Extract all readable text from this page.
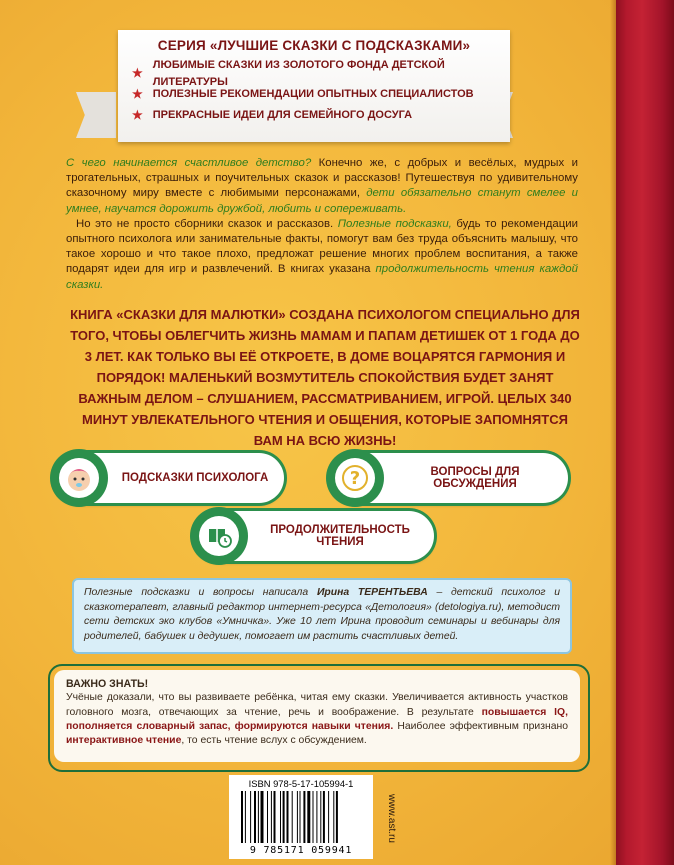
СЕРИЯ «ЛУЧШИЕ СКАЗКИ С ПОДСКАЗКАМИ»
★
ЛЮБИМЫЕ СКАЗКИ ИЗ ЗОЛОТОГО ФОНДА ДЕТСКОЙ ЛИТЕРАТУРЫ
★ ПОЛЕЗНЫЕ РЕКОМЕНДАЦИИ ОПЫТНЫХ СПЕЦИАЛИСТОВ
★ ПРЕКРАСНЫЕ ИДЕИ ДЛЯ СЕМЕЙНОГО ДОСУГА

С чего начинается счастливое детство? Конечно же, с добрых и весёлых, мудрых и трогательных, страшных и поучительных сказок и рассказов! Путешествуя по удивительному сказочному миру вместе с любимыми персонажами, дети обязательно станут смелее и умнее, научатся дорожить дружбой, любить и сопереживать.

Но это не просто сборники сказок и рассказов. Полезные подсказки, будь то рекомендации опытного психолога или занимательные факты, помогут вам без труда объяснить малышу, что такое хорошо и что такое плохо, предложат решение многих проблем воспитания, а также подарят идеи для игр и развлечений. В книгах указана продолжительность чтения каждой сказки.

КНИГА «СКАЗКИ ДЛЯ МАЛЮТКИ» СОЗДАНА ПСИХОЛОГОМ СПЕЦИАЛЬНО ДЛЯ ТОГО, ЧТОБЫ ОБЛЕГЧИТЬ ЖИЗНЬ МАМАМ И ПАПАМ ДЕТИШЕК ОТ 1 ГОДА ДО 3 ЛЕТ. КАК ТОЛЬКО ВЫ ЕЁ ОТКРОЕТЕ, В ДОМЕ ВОЦАРЯТСЯ ГАРМОНИЯ И ПОРЯДОК! МАЛЕНЬКИЙ ВОЗМУТИТЕЛЬ СПОКОЙСТВИЯ БУДЕТ ЗАНЯТ ВАЖНЫМ ДЕЛОМ – СЛУШАНИЕМ, РАССМАТРИВАНИЕМ, ИГРОЙ. ЦЕЛЫХ 340 МИНУТ УВЛЕКАТЕЛЬНОГО ЧТЕНИЯ И ОБЩЕНИЯ, КОТОРЫЕ ЗАПОМНЯТСЯ ВАМ НА ВСЮ ЖИЗНЬ!
ПОДСКАЗКИ ПСИХОЛОГА	?	ВОПРОСЫ ДЛЯ ОБСУЖДЕНИЯ
ПРОДОЛЖИТЕЛЬНОСТЬ ЧТЕНИЯ
Полезные подсказки и вопросы написала Ирина ТЕРЕНТЬЕВА – детский психолог и сказкотерапевт, главный редактор интернет-ресурса «Детология» (detologiya.ru), методист сети детских эко клубов «Умничка». Уже 10 лет Ирина проводит семинары и вебинары для родителей, бабушек и дедушек, помогает им растить счастливых детей.
ВАЖНО ЗНАТЬ!
Учёные доказали, что вы развиваете ребёнка, читая ему сказки. Увеличивается активность участков головного мозга, отвечающих за чтение, речь и воображение. В результате повышается IQ, пополняется словарный запас, формируются навыки чтения. Наиболее эффективным признано интерактивное чтение, то есть чтение вслух с обсуждением.
ISBN 978-5-17-105994-1
9 785171 059941
www.ast.ru
